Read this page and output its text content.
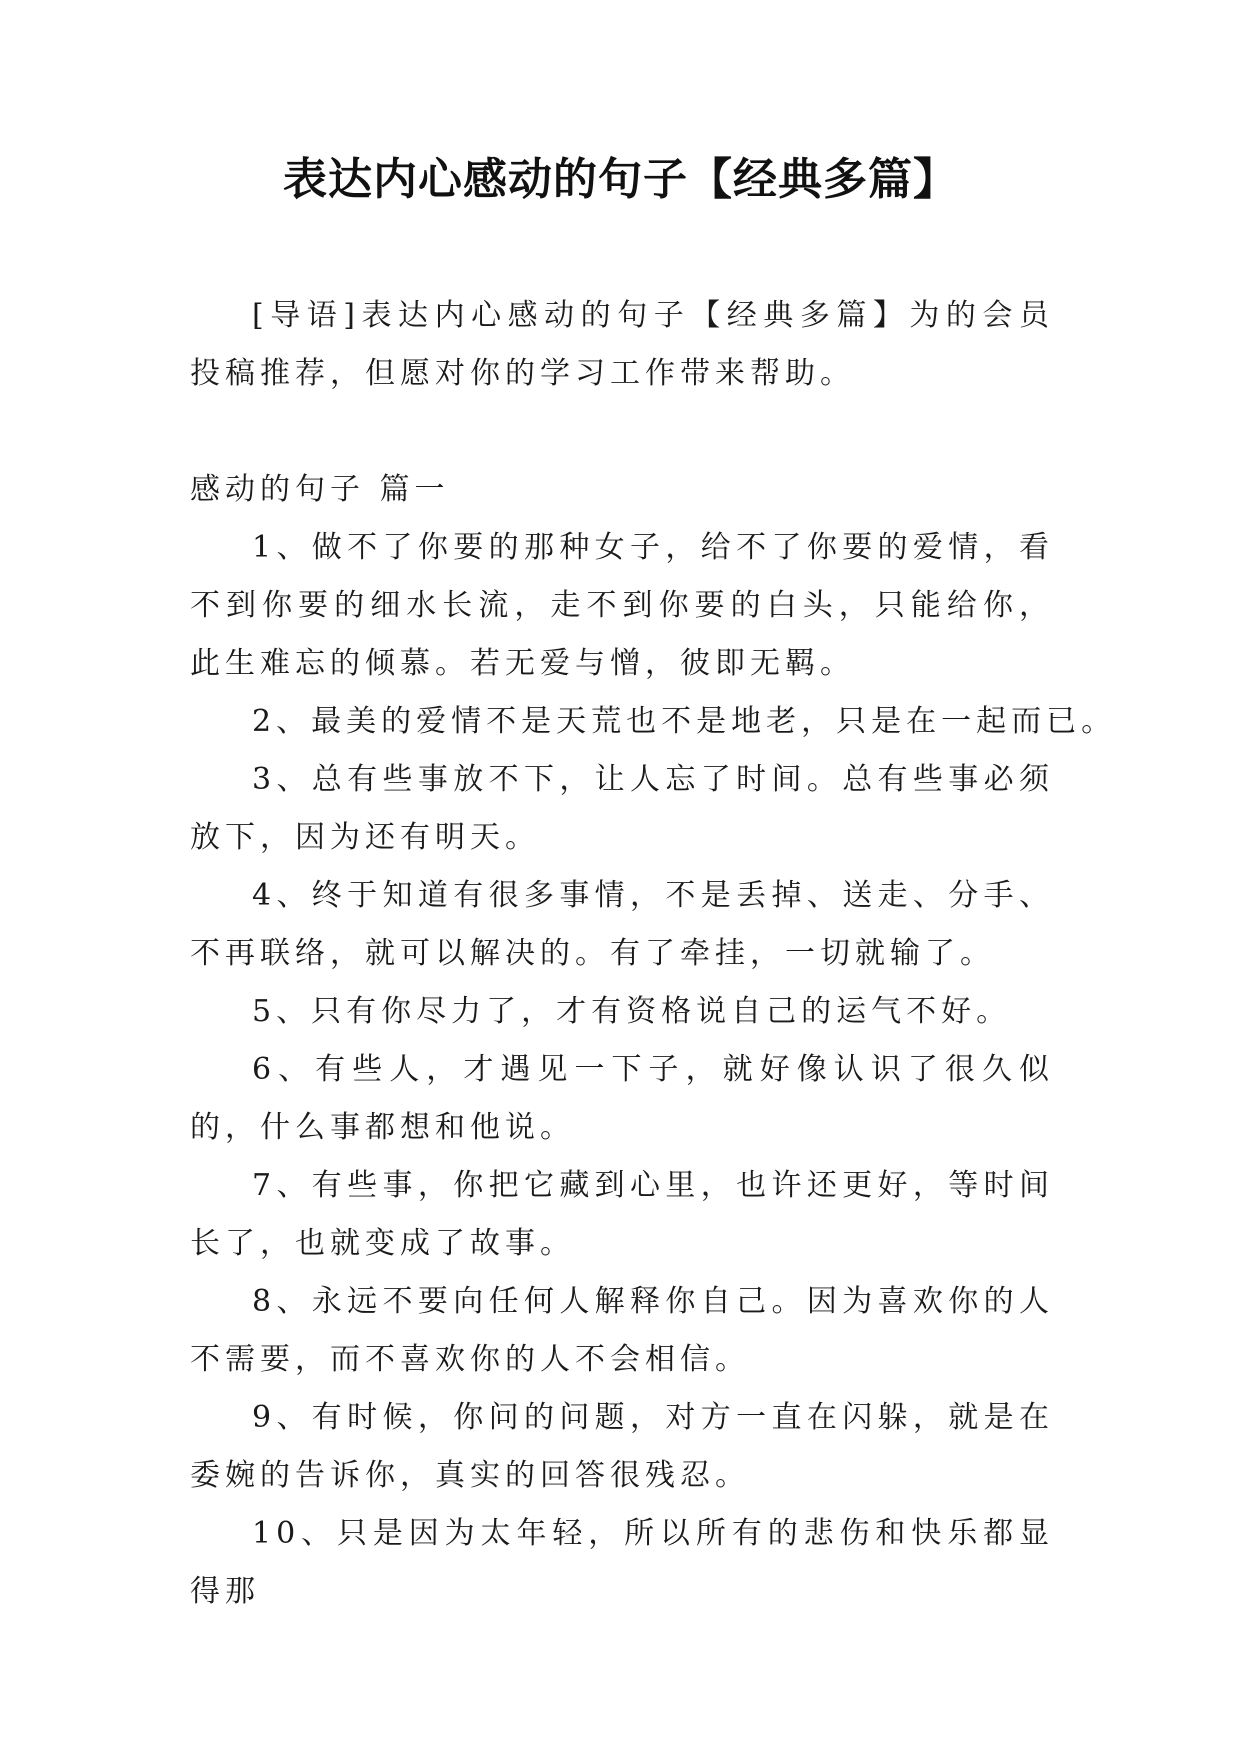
表达内心感动的句子【经典多篇】

[导语]表达内心感动的句子【经典多篇】为的会员投稿推荐，但愿对你的学习工作带来帮助。

感动的句子 篇一

1、做不了你要的那种女子，给不了你要的爱情，看不到你要的细水长流，走不到你要的白头，只能给你，此生难忘的倾慕。若无爱与憎，彼即无羁。

2、最美的爱情不是天荒也不是地老，只是在一起而已。

3、总有些事放不下，让人忘了时间。总有些事必须放下，因为还有明天。

4、终于知道有很多事情，不是丢掉、送走、分手、不再联络，就可以解决的。有了牵挂，一切就输了。

5、只有你尽力了，才有资格说自己的运气不好。

6、有些人，才遇见一下子，就好像认识了很久似的，什么事都想和他说。

7、有些事，你把它藏到心里，也许还更好，等时间长了，也就变成了故事。

8、永远不要向任何人解释你自己。因为喜欢你的人不需要，而不喜欢你的人不会相信。

9、有时候，你问的问题，对方一直在闪躲，就是在委婉的告诉你，真实的回答很残忍。

10、只是因为太年轻，所以所有的悲伤和快乐都显得那
